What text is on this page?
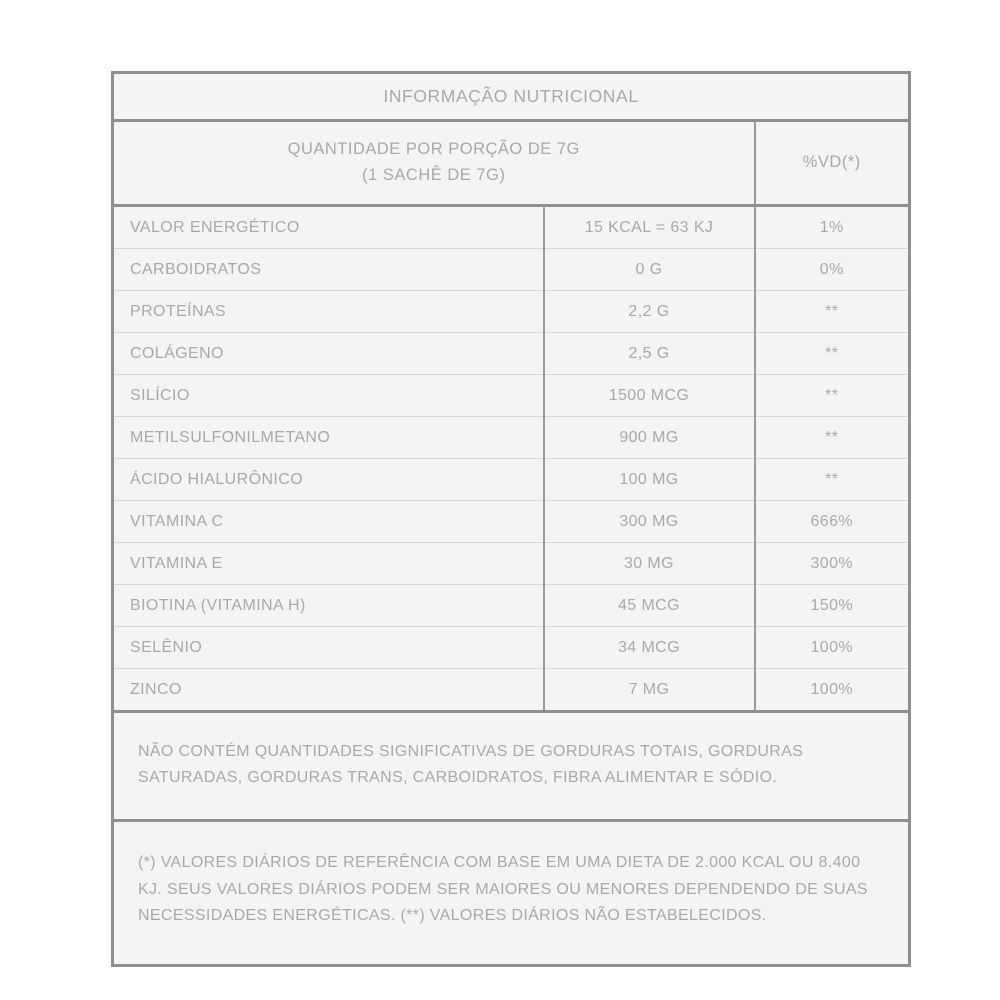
INFORMAÇÃO NUTRICIONAL		

QUANTIDADE POR PORÇÃO DE 7G
(1 SACHÊ DE 7G)		%VD(*)
VALOR ENERGÉTICO	15 KCAL = 63 KJ	1%
CARBOIDRATOS	0 G	0%
PROTEÍNAS	2,2 G	**
COLÁGENO	2,5 G	**
SILÍCIO	1500 MCG	**
METILSULFONILMETANO	900 MG	**
ÁCIDO HIALURÔNICO	100 MG	**
VITAMINA C	300 MG	666%
VITAMINA E	30 MG	300%
BIOTINA (VITAMINA H)	45 MCG	150%
SELÊNIO	34 MCG	100%
ZINCO	7 MG	100%
NÃO CONTÉM QUANTIDADES SIGNIFICATIVAS DE GORDURAS TOTAIS, GORDURAS SATURADAS, GORDURAS TRANS, CARBOIDRATOS, FIBRA ALIMENTAR E SÓDIO.		
(*) VALORES DIÁRIOS DE REFERÊNCIA COM BASE EM UMA DIETA DE 2.000 KCAL OU 8.400 KJ. SEUS VALORES DIÁRIOS PODEM SER MAIORES OU MENORES DEPENDENDO DE SUAS NECESSIDADES ENERGÉTICAS. (**) VALORES DIÁRIOS NÃO ESTABELECIDOS.		
